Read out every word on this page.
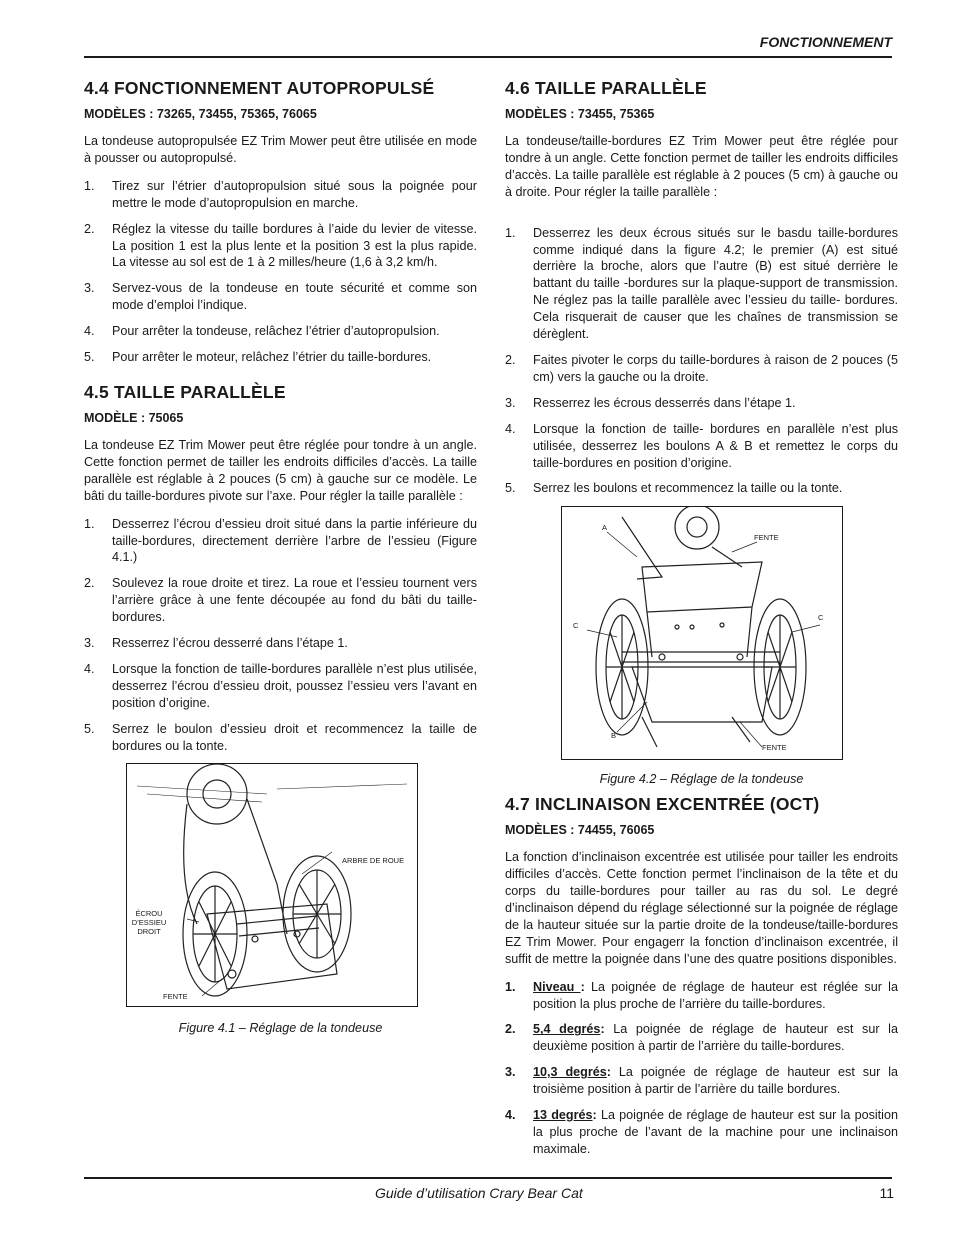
FONCTIONNEMENT
4.4 FONCTIONNEMENT AUTOPROPULSÉ
MODÈLES : 73265, 73455, 75365, 76065

La tondeuse autopropulsée EZ Trim Mower peut être utilisée en mode à pousser ou autopropulsé.

1. Tirez sur l’étrier d’autopropulsion situé sous la poignée pour mettre le mode d’autopropulsion en marche.
2. Réglez la vitesse du taille bordures à l’aide du levier de vitesse. La position 1 est la plus lente et la position 3 est la plus rapide. La vitesse au sol est de 1 à 2 milles/heure (1,6 à 3,2 km/h.
3. Servez-vous de la tondeuse en toute sécurité et comme son mode d’emploi l’indique.
4. Pour arrêter la tondeuse, relâchez l’étrier d’autopropulsion.
5. Pour arrêter le moteur, relâchez l’étrier du taille-bordures.
4.5 TAILLE PARALLÈLE
MODÈLE : 75065

La tondeuse EZ Trim Mower peut être réglée pour tondre à un angle. Cette fonction permet de tailler les endroits difficiles d’accès. La taille parallèle est réglable à 2 pouces (5 cm) à gauche sur ce modèle. Le bâti du taille-bordures pivote sur l’axe. Pour régler la taille parallèle :

1. Desserrez l’écrou d’essieu droit situé dans la partie inférieure du taille-bordures, directement derrière l’arbre de l’essieu (Figure 4.1.)
2. Soulevez la roue droite et tirez. La roue et l’essieu tournent vers l’arrière grâce à une fente découpée au fond du bâti du taille-bordures.
3. Resserrez l’écrou desserré dans l’étape 1.
4. Lorsque la fonction de taille-bordures parallèle n’est plus utilisée, desserrez l’écrou d’essieu droit, poussez l’essieu vers l’avant en position d’origine.
5. Serrez le boulon d’essieu droit et recommencez la taille de bordures ou la tonte.
ARBRE DE ROUE
ÉCROU
D’ESSIEU
DROIT
FENTE
Figure 4.1 – Réglage de la tondeuse
4.6 TAILLE PARALLÈLE
MODÈLES : 73455, 75365

La tondeuse/taille-bordures EZ Trim Mower peut être réglée pour tondre à un angle. Cette fonction permet de tailler les endroits difficiles d’accès. La taille parallèle est réglable à 2 pouces (5 cm) à gauche ou à droite. Pour régler la taille parallèle :

1. Desserrez les deux écrous situés sur le basdu taille-bordures comme indiqué dans la figure 4.2; le premier (A) est situé derrière la broche, alors que l’autre (B) est situé derrière le battant du taille -bordures sur la plaque-support de transmission. Ne réglez pas la taille parallèle avec l’essieu du taille- bordures. Cela risquerait de causer que les chaînes de transmission se dérèglent.
2. Faites pivoter le corps du taille-bordures à raison de 2 pouces (5 cm) vers la gauche ou la droite.
3. Resserrez les écrous desserrés dans l’étape 1.
4. Lorsque la fonction de taille- bordures en parallèle n’est plus utilisée, desserrez les boulons A & B et remettez le corps du taille-bordures en position d’origine.
5. Serrez les boulons et recommencez la taille ou la tonte.
A
FENTE
C
C
B
FENTE
Figure 4.2 – Réglage de la tondeuse
4.7 INCLINAISON EXCENTRÉE (OCT)
MODÈLES : 74455, 76065

La fonction d’inclinaison excentrée est utilisée pour tailler les endroits difficiles d’accès. Cette fonction permet l’inclinaison de la tête et du corps du taille-bordures pour tailler au ras du sol. Le degré d’inclinaison dépend du réglage sélectionné sur la poignée de réglage de la hauteur située sur la partie droite de la tondeuse/taille-bordures EZ Trim Mower. Pour engagerr la fonction d’inclinaison excentrée, il suffit de mettre la poignée dans l’une des quatre positions disponibles.

1. Niveau : La poignée de réglage de hauteur est réglée sur la position la plus proche de l’arrière du taille-bordures.
2. 5,4 degrés: La poignée de réglage de hauteur est sur la deuxième position à partir de l’arrière du taille-bordures.
3. 10,3 degrés: La poignée de réglage de hauteur est sur la troisième position à partir de l’arrière du taille bordures.
4. 13 degrés: La poignée de réglage de hauteur est sur la position la plus proche de l’avant de la machine pour une inclinaison maximale.
Guide d’utilisation Crary Bear Cat	11
